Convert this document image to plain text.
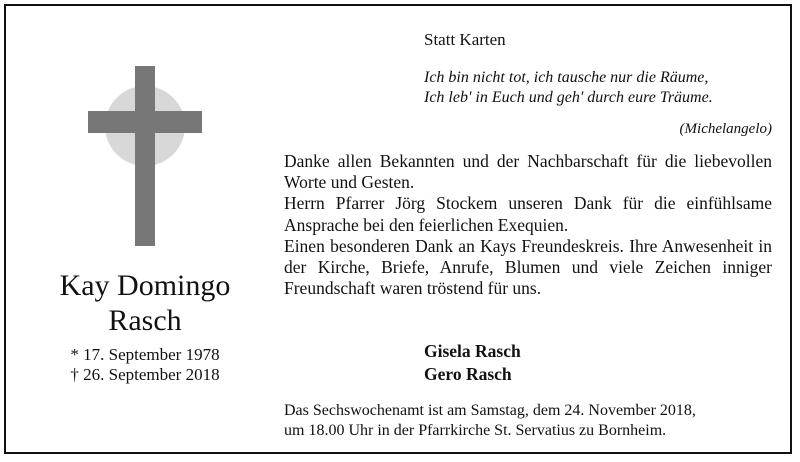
Kay Domingo
Rasch
* 17. September 1978
† 26. September 2018
Statt Karten
Ich bin nicht tot, ich tausche nur die Räume,
Ich leb' in Euch und geh' durch eure Träume.
(Michelangelo)

Danke allen Bekannten und der Nachbarschaft für die liebevollen Worte und Gesten.

Herrn Pfarrer Jörg Stockem unseren Dank für die einfühlsame Ansprache bei den feierlichen Exequien.

Einen besonderen Dank an Kays Freundeskreis. Ihre Anwesenheit in der Kirche, Briefe, Anrufe, Blumen und viele Zeichen inniger Freundschaft waren tröstend für uns.

Gisela Rasch
Gero Rasch
Das Sechswochenamt ist am Samstag, dem 24. November 2018,
um 18.00 Uhr in der Pfarrkirche St. Servatius zu Bornheim.
